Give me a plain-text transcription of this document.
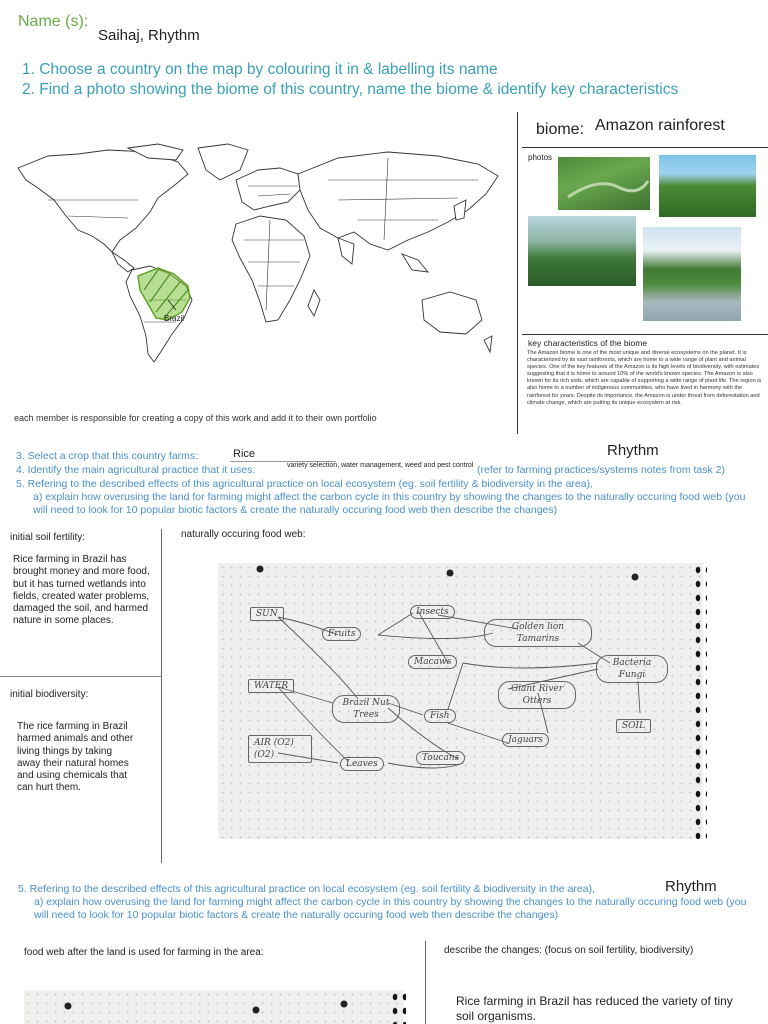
Name (s):
Saihaj, Rhythm
1. Choose a country on the map by colouring it in & labelling its name
2. Find a photo showing the biome of this country, name the biome & identify key characteristics
Brazil
biome: Amazon rainforest
photos
key characteristics of the biome
The Amazon biome is one of the most unique and diverse ecosystems on the planet. It is characterized by its vast rainforests, which are home to a wide range of plant and animal species. One of the key features of the Amazon is its high levels of biodiversity, with estimates suggesting that it is home to around 10% of the world's known species. The Amazon is also known for its rich soils, which are capable of supporting a wide range of plant life. The region is also home to a number of indigenous communities, who have lived in harmony with the rainforest for years. Despite its importance, the Amazon is under threat from deforestation and climate change, which are putting its unique ecosystem at risk.
each member is responsible for creating a copy of this work and add it to their own portfolio
3. Select a crop that this country farms:	Rice	Rhythm
4. Identify the main agricultural practice that it uses:	variety selection, water management, weed and pest control (refer to farming practices/systems notes from task 2)
5. Refering to the described effects of this agricultural practice on local ecosystem (eg. soil fertility & biodiversity in the area),
a) explain how overusing the land for farming might affect the carbon cycle in this country by showing the changes to the naturally occuring food web (you will need to look for 10 popular biotic factors & create the naturally occuring food web then describe the changes)
initial soil fertility:
Rice farming in Brazil has brought money and more food, but it has turned wetlands into fields, created water problems, damaged the soil, and harmed nature in some places.
initial biodiversity:
The rice farming in Brazil harmed animals and other living things by taking away their natural homes and using chemicals that can hurt them.
naturally occuring food web:
SUN
WATER
AIR (O2) (O2)
Fruits
Insects
Golden lion Tamarins
Macaws	Bacteria Fungi
Brazil Nut Trees	Fish
Giant River Otters
SOIL
Leaves
Toucans
Jaguars
5. Refering to the described effects of this agricultural practice on local ecosystem (eg. soil fertility & biodiversity in the area),	Rhythm
a) explain how overusing the land for farming might affect the carbon cycle in this country by showing the changes to the naturally occuring food web (you will need to look for 10 popular biotic factors & create the naturally occuring food web then describe the changes)
food web after the land is used for farming in the area:	describe the changes: (focus on soil fertility, biodiversity)
Rice farming in Brazil has reduced the variety of tiny soil organisms.
